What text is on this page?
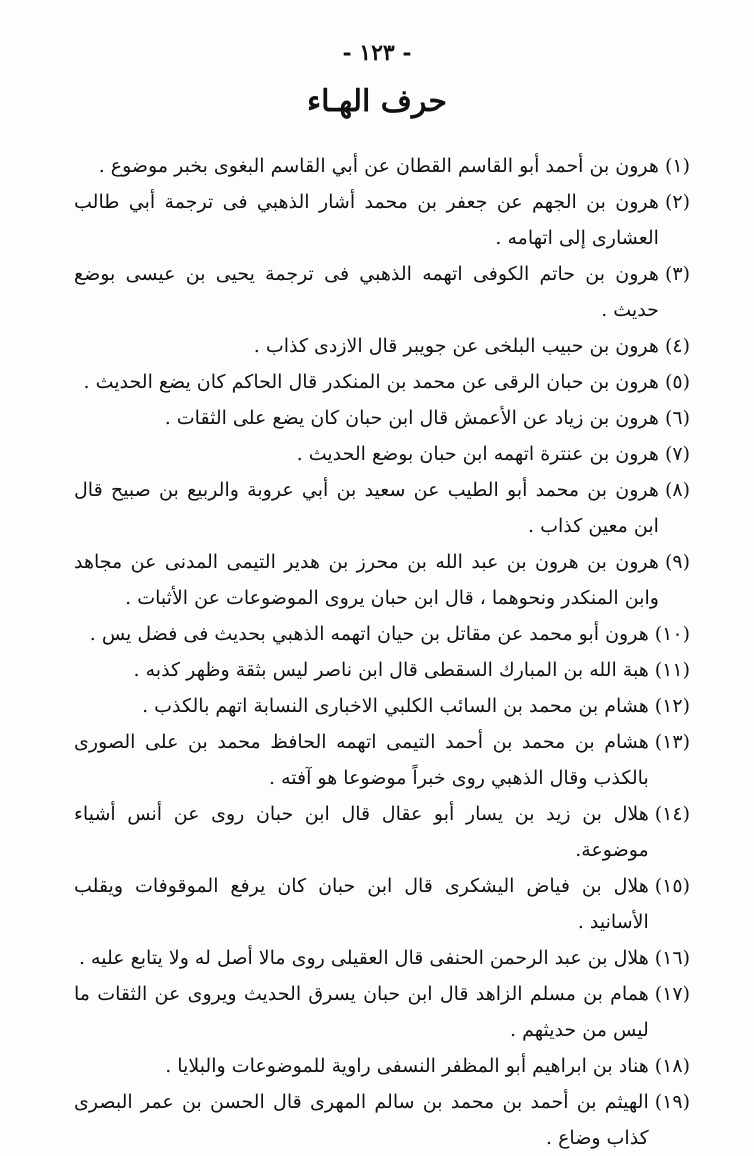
- ١٢٣ -
حرف الهـاء
(١)
هرون بن أحمد أبو القاسم القطان عن أبي القاسم البغوى بخبر موضوع .
(٢)
هرون بن الجهم عن جعفر بن محمد أشار الذهبي فى ترجمة أبي طالب العشارى إلى اتهامه .
(٣)
هرون بن حاتم الكوفى اتهمه الذهبي فى ترجمة يحيى بن عيسى بوضع حديث .
(٤)
هرون بن حبيب البلخى عن جويبر قال الازدى كذاب .
(٥)
هرون بن حبان الرقى عن محمد بن المنكدر قال الحاكم كان يضع الحديث .
(٦)
هرون بن زياد عن الأعمش قال ابن حبان كان يضع على الثقات .
(٧)
هرون بن عنترة اتهمه ابن حبان بوضع الحديث .
(٨)
هرون بن محمد أبو الطيب عن سعيد بن أبي عروبة والربيع بن صبيح قال ابن معين كذاب .
(٩)
هرون بن هرون بن عبد الله بن محرز بن هدير التيمى المدنى عن مجاهد وابن المنكدر ونحوهما ، قال ابن حبان يروى الموضوعات عن الأثبات .
(١٠)
هرون أبو محمد عن مقاتل بن حيان اتهمه الذهبي بحديث فى فضل يس .
(١١)
هبة الله بن المبارك السقطى قال ابن ناصر ليس بثقة وظهر كذبه .
(١٢)
هشام بن محمد بن السائب الكلبي الاخبارى النسابة اتهم بالكذب .
(١٣)
هشام بن محمد بن أحمد التيمى اتهمه الحافظ محمد بن على الصورى بالكذب وقال الذهبي روى خبراً موضوعا هو آفته .
(١٤)
هلال بن زيد بن يسار أبو عقال قال ابن حبان روى عن أنس أشياء موضوعة.
(١٥)
هلال بن فياض اليشكرى قال ابن حبان كان يرفع الموقوفات ويقلب الأسانيد .
(١٦)
هلال بن عبد الرحمن الحنفى قال العقيلى روى مالا أصل له ولا يتابع عليه .
(١٧)
همام بن مسلم الزاهد قال ابن حبان يسرق الحديث ويروى عن الثقات ما ليس من حديثهم .
(١٨)
هناد بن ابراهيم أبو المظفر النسفى راوية للموضوعات والبلايا .
(١٩)
الهيثم بن أحمد بن محمد بن سالم المهرى قال الحسن بن عمر البصرى كذاب وضاع .
